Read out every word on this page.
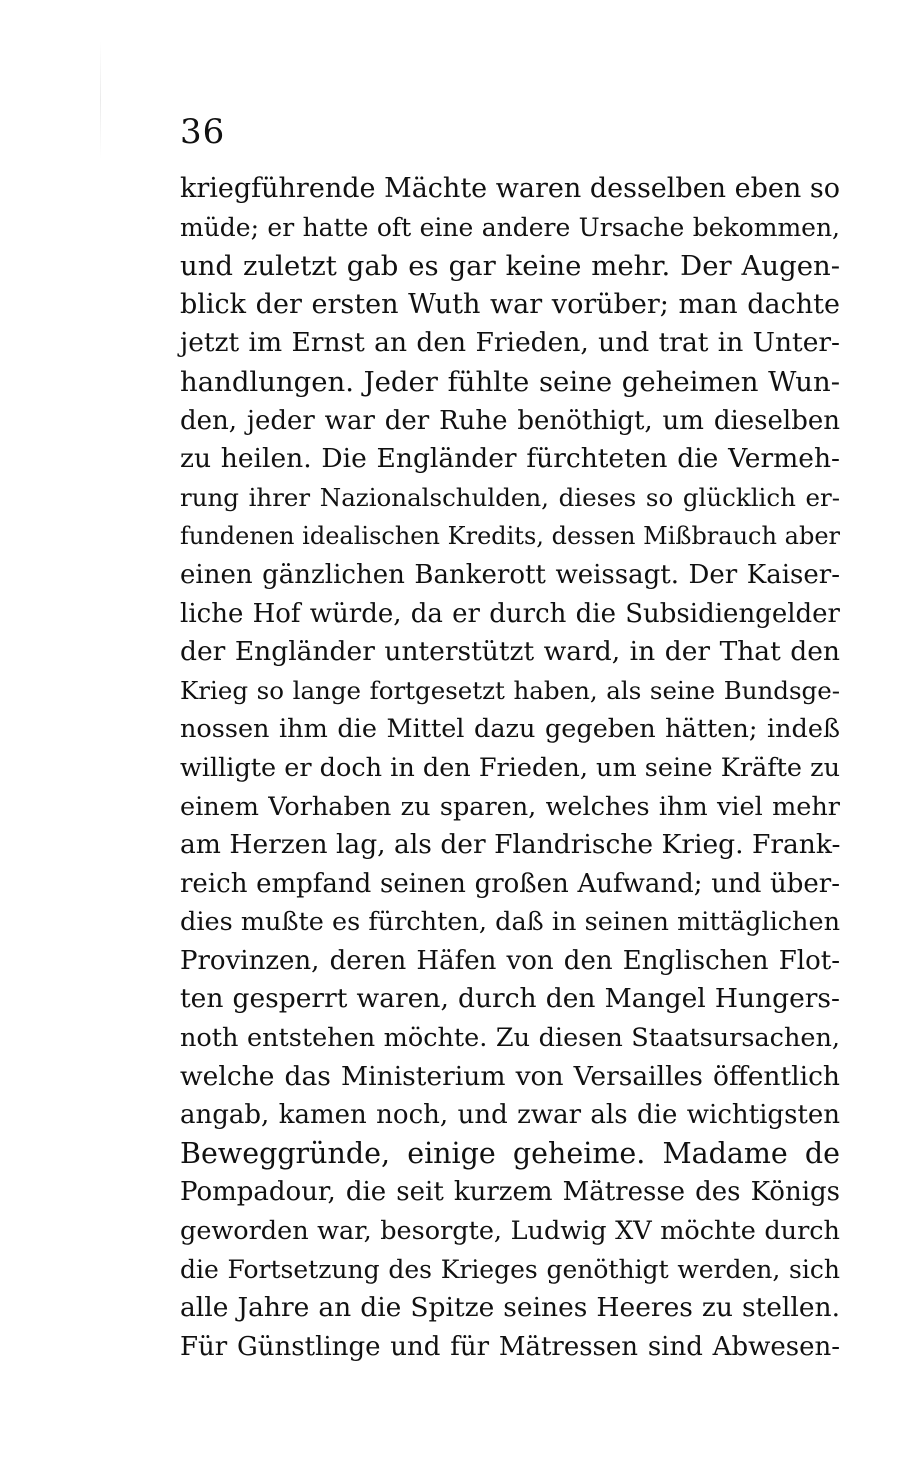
36
kriegführende Mächte waren desselben eben so
müde; er hatte oft eine andere Ursache bekommen,
und zuletzt gab es gar keine mehr. Der Augen-
blick der ersten Wuth war vorüber; man dachte
jetzt im Ernst an den Frieden, und trat in Unter-
handlungen. Jeder fühlte seine geheimen Wun-
den, jeder war der Ruhe benöthigt, um dieselben
zu heilen. Die Engländer fürchteten die Vermeh-
rung ihrer Nazionalschulden, dieses so glücklich er-
fundenen idealischen Kredits, dessen Mißbrauch aber
einen gänzlichen Bankerott weissagt. Der Kaiser-
liche Hof würde, da er durch die Subsidiengelder
der Engländer unterstützt ward, in der That den
Krieg so lange fortgesetzt haben, als seine Bundsge-
nossen ihm die Mittel dazu gegeben hätten; indeß
willigte er doch in den Frieden, um seine Kräfte zu
einem Vorhaben zu sparen, welches ihm viel mehr
am Herzen lag, als der Flandrische Krieg. Frank-
reich empfand seinen großen Aufwand; und über-
dies mußte es fürchten, daß in seinen mittäglichen
Provinzen, deren Häfen von den Englischen Flot-
ten gesperrt waren, durch den Mangel Hungers-
noth entstehen möchte. Zu diesen Staatsursachen,
welche das Ministerium von Versailles öffentlich
angab, kamen noch, und zwar als die wichtigsten
Beweggründe, einige geheime. Madame de
Pompadour, die seit kurzem Mätresse des Königs
geworden war, besorgte, Ludwig XV möchte durch
die Fortsetzung des Krieges genöthigt werden, sich
alle Jahre an die Spitze seines Heeres zu stellen.
Für Günstlinge und für Mätressen sind Abwesen-
